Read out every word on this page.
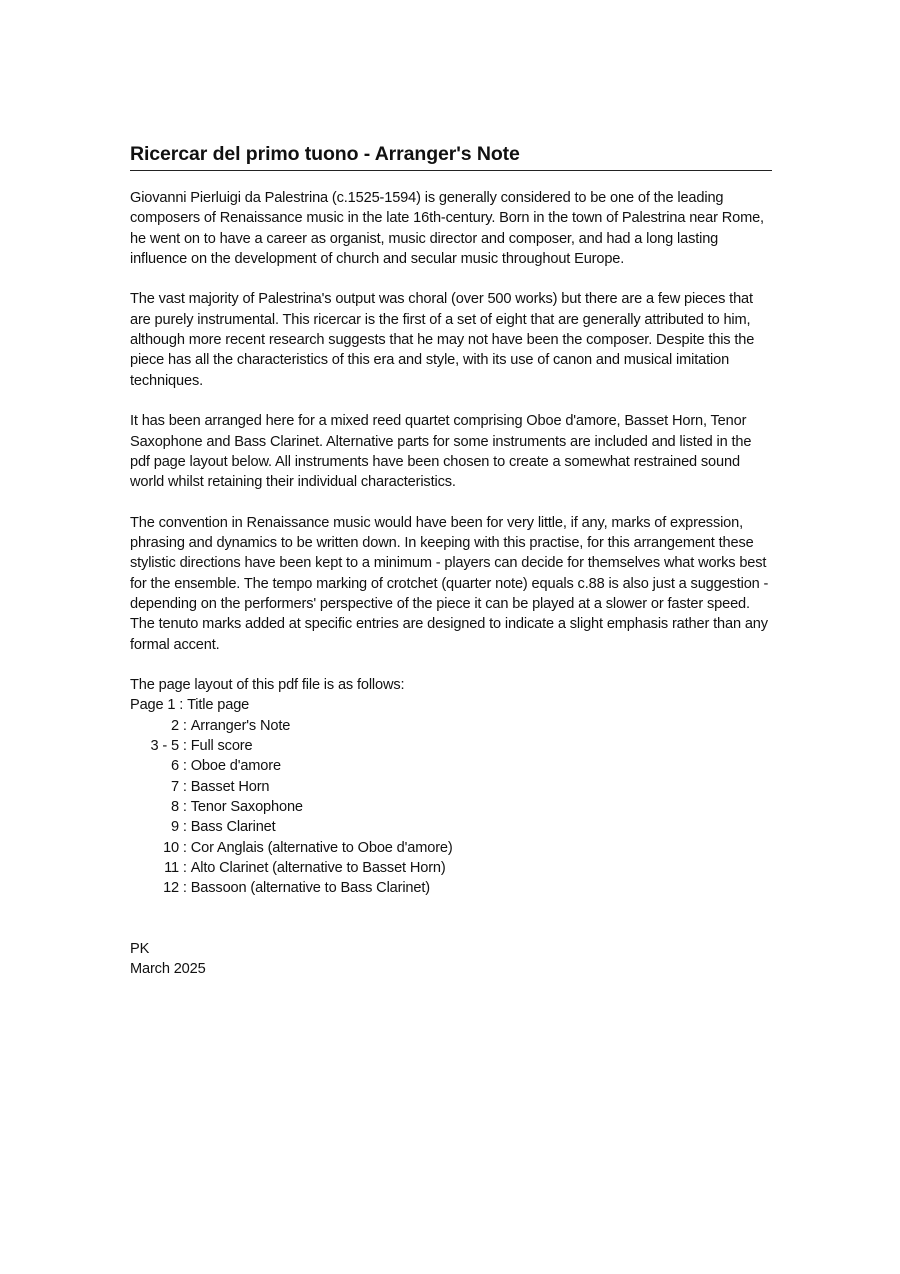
Ricercar del primo tuono - Arranger's Note

Giovanni Pierluigi da Palestrina (c.1525-1594) is generally considered to be one of the leading composers of Renaissance music in the late 16th-century. Born in the town of Palestrina near Rome, he went on to have a career as organist, music director and composer, and had a long lasting influence on the development of church and secular music throughout Europe.

The vast majority of Palestrina's output was choral (over 500 works) but there are a few pieces that are purely instrumental. This ricercar is the first of a set of eight that are generally attributed to him, although more recent research suggests that he may not have been the composer. Despite this the piece has all the characteristics of this era and style, with its use of canon and musical imitation techniques.

It has been arranged here for a mixed reed quartet comprising Oboe d'amore, Basset Horn, Tenor Saxophone and Bass Clarinet. Alternative parts for some instruments are included and listed in the pdf page layout below. All instruments have been chosen to create a somewhat restrained sound world whilst retaining their individual characteristics.

The convention in Renaissance music would have been for very little, if any, marks of expression, phrasing and dynamics to be written down. In keeping with this practise, for this arrangement these stylistic directions have been kept to a minimum - players can decide for themselves what works best for the ensemble. The tempo marking of crotchet (quarter note) equals c.88 is also just a suggestion - depending on the performers' perspective of the piece it can be played at a slower or faster speed. The tenuto marks added at specific entries are designed to indicate a slight emphasis rather than any formal accent.

The page layout of this pdf file is as follows:

Page 1 : Title page
2 : Arranger's Note
3 - 5 : Full score
6 : Oboe d'amore
7 : Basset Horn
8 : Tenor Saxophone
9 : Bass Clarinet
10 : Cor Anglais (alternative to Oboe d'amore)
11 : Alto Clarinet (alternative to Basset Horn)
12 : Bassoon (alternative to Bass Clarinet)
PK
March 2025
